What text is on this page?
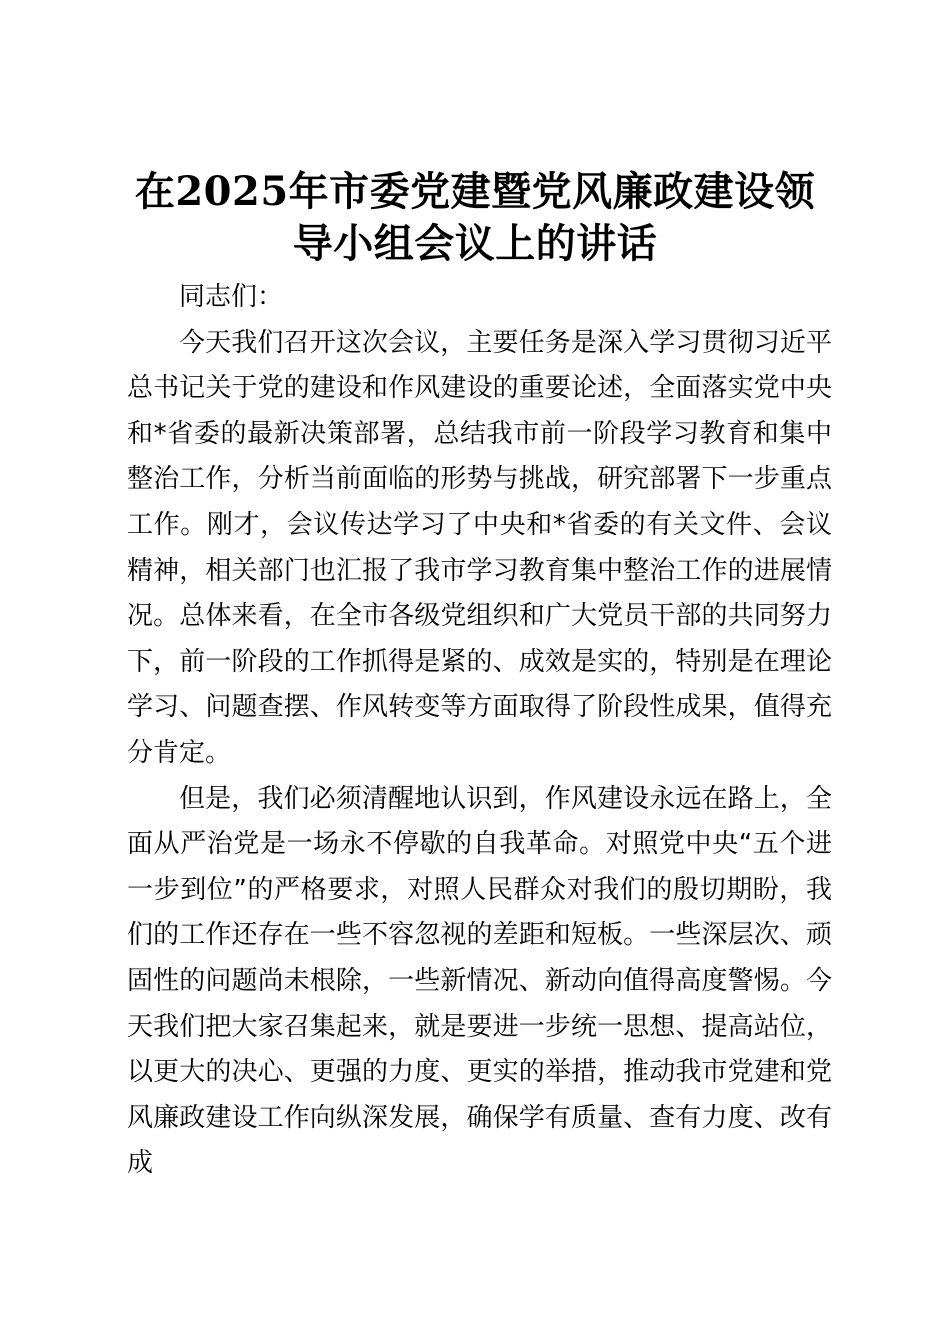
在2025年市委党建暨党风廉政建设领导小组会议上的讲话

同志们：

今天我们召开这次会议，主要任务是深入学习贯彻习近平总书记关于党的建设和作风建设的重要论述，全面落实党中央和*省委的最新决策部署，总结我市前一阶段学习教育和集中整治工作，分析当前面临的形势与挑战，研究部署下一步重点工作。刚才，会议传达学习了中央和*省委的有关文件、会议精神，相关部门也汇报了我市学习教育集中整治工作的进展情况。总体来看，在全市各级党组织和广大党员干部的共同努力下，前一阶段的工作抓得是紧的、成效是实的，特别是在理论学习、问题查摆、作风转变等方面取得了阶段性成果，值得充分肯定。

但是，我们必须清醒地认识到，作风建设永远在路上，全面从严治党是一场永不停歇的自我革命。对照党中央“五个进一步到位”的严格要求，对照人民群众对我们的殷切期盼，我们的工作还存在一些不容忽视的差距和短板。一些深层次、顽固性的问题尚未根除，一些新情况、新动向值得高度警惕。今天我们把大家召集起来，就是要进一步统一思想、提高站位，以更大的决心、更强的力度、更实的举措，推动我市党建和党风廉政建设工作向纵深发展，确保学有质量、查有力度、改有成
